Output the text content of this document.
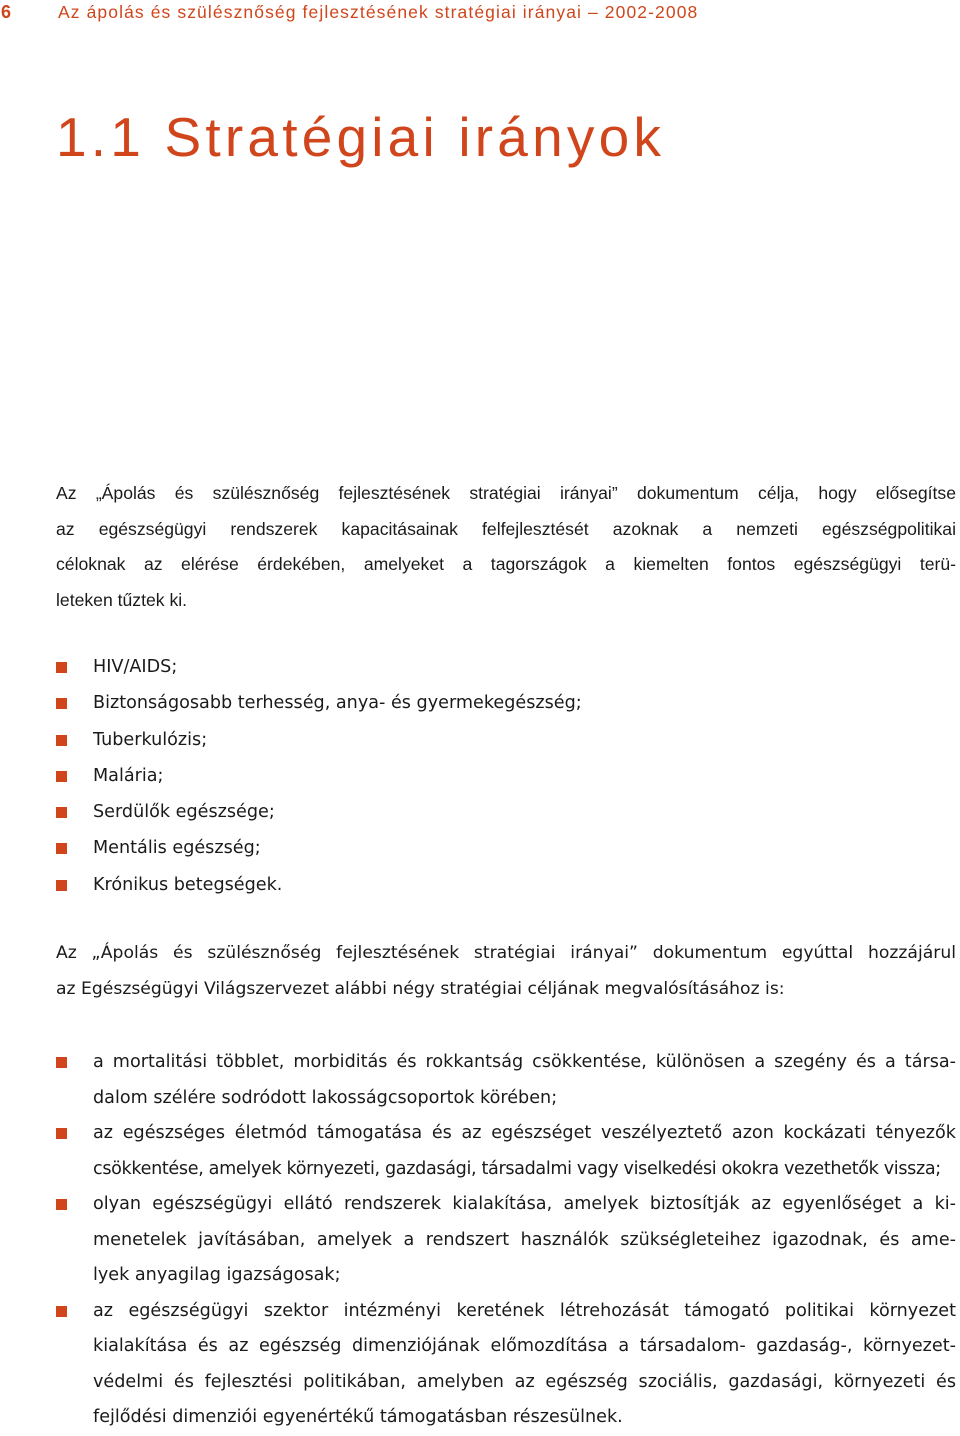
6	Az ápolás és szülésznőség fejlesztésének stratégiai irányai – 2002-2008
1.1 Stratégiai irányok

Az „Ápolás és szülésznőség fejlesztésének stratégiai irányai” dokumentum célja, hogy elősegítse
az egészségügyi rendszerek kapacitásainak felfejlesztését azoknak a nemzeti egészségpolitikai
céloknak az elérése érdekében, amelyeket a tagországok a kiemelten fontos egészségügyi terü-
leteken tűztek ki.

HIV/AIDS;
Biztonságosabb terhesség, anya- és gyermekegészség;
Tuberkulózis;
Malária;
Serdülők egészsége;
Mentális egészség;
Krónikus betegségek.

Az „Ápolás és szülésznőség fejlesztésének stratégiai irányai” dokumentum egyúttal hozzájárul
az Egészségügyi Világszervezet alábbi négy stratégiai céljának megvalósításához is:

a mortalitási többlet, morbiditás és rokkantság csökkentése, különösen a szegény és a társa-
dalom szélére sodródott lakosságcsoportok körében;
az egészséges életmód támogatása és az egészséget veszélyeztető azon kockázati tényezők
csökkentése, amelyek környezeti, gazdasági, társadalmi vagy viselkedési okokra vezethetők vissza;
olyan egészségügyi ellátó rendszerek kialakítása, amelyek biztosítják az egyenlőséget a ki-
menetelek javításában, amelyek a rendszert használók szükségleteihez igazodnak, és ame-
lyek anyagilag igazságosak;
az egészségügyi szektor intézményi keretének létrehozását támogató politikai környezet
kialakítása és az egészség dimenziójának előmozdítása a társadalom- gazdaság-, környezet-
védelmi és fejlesztési politikában, amelyben az egészség szociális, gazdasági, környezeti és
fejlődési dimenziói egyenértékű támogatásban részesülnek.
